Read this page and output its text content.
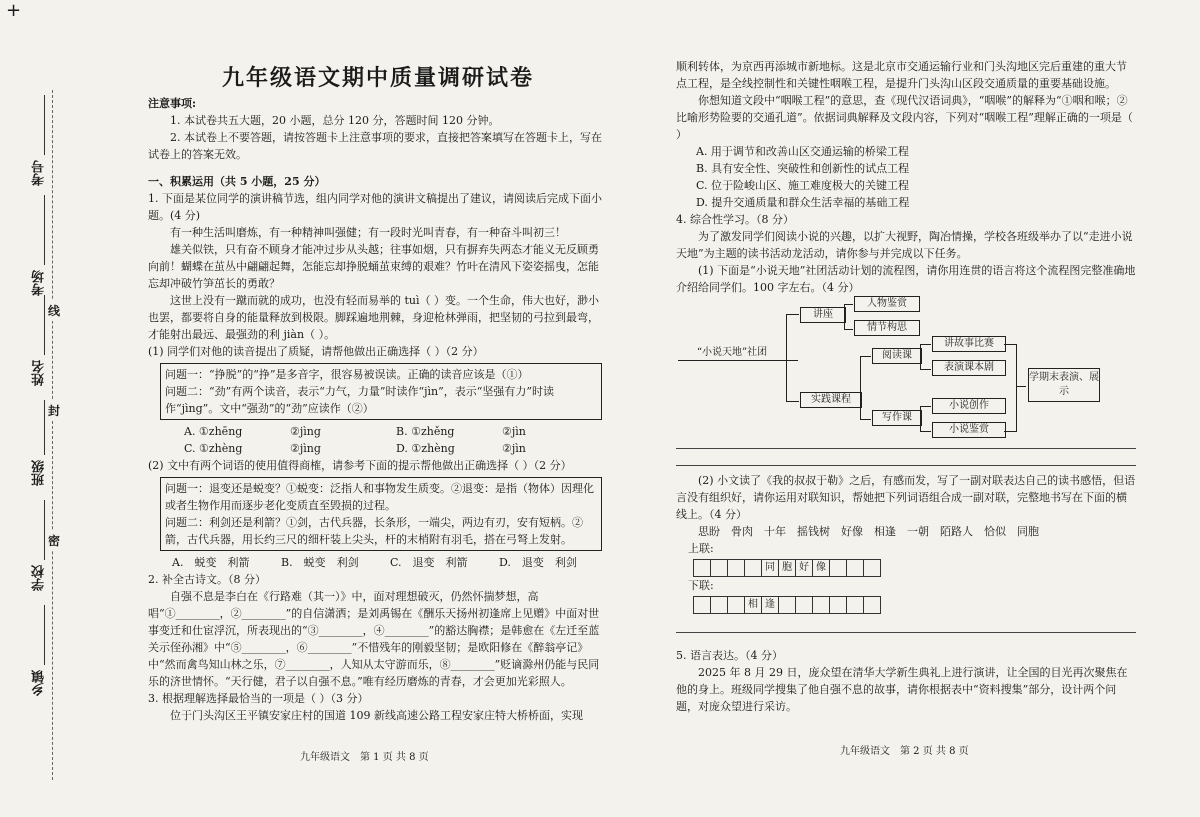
+
考号
考场
姓名
班级
学校
乡镇
线
封
密
九年级语文期中质量调研试卷

注意事项:

1. 本试卷共五大题，20 小题，总分 120 分，答题时间 120 分钟。

2. 本试卷上不要答题，请按答题卡上注意事项的要求，直接把答案填写在答题卡上，写在试卷上的答案无效。

一、积累运用（共 5 小题，25 分）

1. 下面是某位同学的演讲稿节选，组内同学对他的演讲文稿提出了建议，请阅读后完成下面小题。(4 分)

有一种生活叫磨炼，有一种精神叫强健；有一段时光叫青春，有一种奋斗叫初三！

雄关似铁，只有奋不顾身才能冲过步从头越；往事如烟，只有摒弃失两态才能义无反顾勇向前！蝴蝶在茧丛中翩翩起舞，怎能忘却挣脱蛹茧束缚的艰难？竹叶在清风下姿姿摇曳，怎能忘却冲破竹笋茁长的勇敢？

这世上没有一蹴而就的成功，也没有轻而易举的 tuì（ ）变。一个生命，伟大也好，渺小也罢，都要将自身的能量释放到极限。脚踩遍地荆棘，身迎枪林弹雨，把坚韧的弓拉到最弯，才能射出最远、最强劲的利 jiàn（ ）。

(1) 同学们对他的读音提出了质疑，请帮他做出正确选择（ ）（2 分）

问题一：“挣脱”的“挣”是多音字，很容易被误读。正确的读音应该是（①）

问题二：“劲”有两个读音，表示“力气，力量”时读作“jìn”，表示“坚强有力”时读作“jìng”。文中“强劲”的“劲”应读作（②）

A. ①zhēng	②jìng	B. ①zhěng	②jìn
C. ①zhèng	②jìng	D. ①zhèng	②jìn

(2) 文中有两个词语的使用值得商榷，请参考下面的提示帮他做出正确选择（ ）（2 分）

问题一：退变还是蜕变？①蜕变：泛指人和事物发生质变。②退变：是指（物体）因理化或者生物作用而逐步老化变质直至毁损的过程。

问题二：利剑还是利箭？①剑，古代兵器，长条形，一端尖，两边有刃，安有短柄。②箭，古代兵器，用长约三尺的细杆装上尖头，杆的末梢附有羽毛，搭在弓弩上发射。

A.　蜕变　利箭	B.　蜕变　利剑	C.　退变　利箭	D.　退变　利剑

2. 补全古诗文。（8 分）

自强不息是李白在《行路难（其一）》中，面对理想破灭，仍然怀揣梦想，高唱“①________，②________”的自信潇洒；是刘禹锡在《酬乐天扬州初逢席上见赠》中面对世事变迁和仕宦浮沉，所表现出的“③________，④________”的豁达胸襟；是韩愈在《左迁至蓝关示侄孙湘》中“⑤________，⑥________”不惜残年的刚毅坚韧；是欧阳修在《醉翁亭记》中“然而禽鸟知山林之乐，⑦________，人知从太守游而乐，⑧________”贬谪滁州仍能与民同乐的济世情怀。“天行健，君子以自强不息。”唯有经历磨炼的青春，才会更加光彩照人。

3. 根据理解选择最恰当的一项是（ ）（3 分）

位于门头沟区王平镇安家庄村的国道 109 新线高速公路工程安家庄特大桥桥面，实现

九年级语文　第 1 页 共 8 页

顺利转体，为京西再添城市新地标。这是北京市交通运输行业和门头沟地区完后重建的重大节点工程，是全线控制性和关键性咽喉工程，是提升门头沟山区段交通质量的重要基础设施。

你想知道文段中“咽喉工程”的意思，查《现代汉语词典》，“咽喉”的解释为“①咽和喉；②比喻形势险要的交通孔道”。依据词典解释及文段内容，下列对“咽喉工程”理解正确的一项是（ ）

A. 用于调节和改善山区交通运输的桥梁工程

B. 具有安全性、突破性和创新性的试点工程

C. 位于险峻山区、施工难度极大的关键工程

D. 提升交通质量和群众生活幸福的基础工程

4. 综合性学习。（8 分）

为了激发同学们阅读小说的兴趣，以扩大视野，陶冶情操，学校各班级举办了以“走进小说天地”为主题的读书活动龙活动，请你参与并完成以下任务。

(1) 下面是“小说天地”社团活动计划的流程图，请你用连贯的语言将这个流程图完整准确地介绍给同学们。100 字左右。（4 分）

“小说天地”社团
讲座
人物鉴赏
情节构思
实践课程
阅读课
写作课
讲故事比赛
表演课本剧
小说创作
小说鉴赏
学期末表演、展示

(2) 小文读了《我的叔叔于勒》之后，有感而发，写了一副对联表达自己的读书感悟，但语言没有组织好，请你运用对联知识，帮她把下列词语组合成一副对联，完整地书写在下面的横线上。（4 分）

思盼　骨肉　十年　摇钱树　好像　相逢　一朝　陌路人　恰似　同胞

上联:

同 胞 好 像

下联:

相 逢

5. 语言表达。（4 分）

2025 年 8 月 29 日，庞众望在清华大学新生典礼上进行演讲，让全国的目光再次聚焦在他的身上。班级同学搜集了他自强不息的故事，请你根据表中“资料搜集”部分，设计两个问题，对庞众望进行采访。

九年级语文　第 2 页 共 8 页
